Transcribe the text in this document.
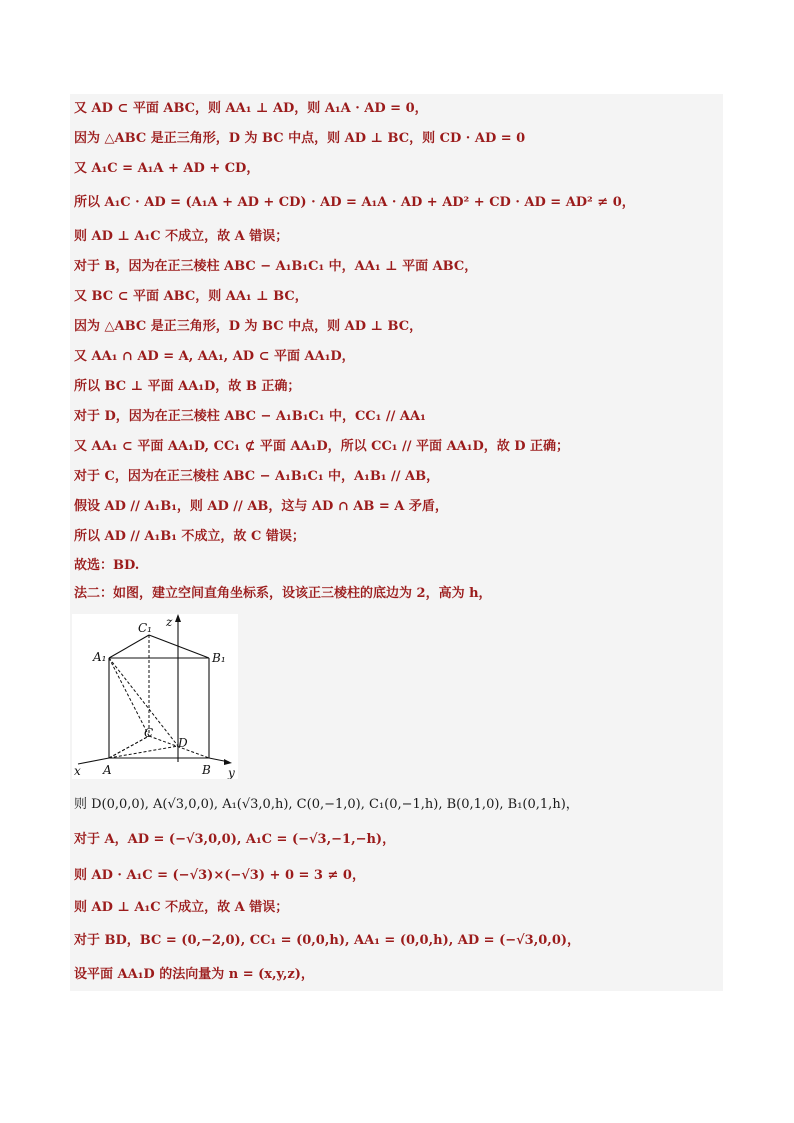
又 AD ⊂ 平面 ABC，则 AA₁ ⊥ AD，则 A₁A · AD = 0，
因为 △ABC 是正三角形，D 为 BC 中点，则 AD ⊥ BC，则 CD · AD = 0
又 A₁C = A₁A + AD + CD，
所以 A₁C · AD = (A₁A + AD + CD) · AD = A₁A · AD + AD² + CD · AD = AD² ≠ 0，
则 AD ⊥ A₁C 不成立，故 A 错误；
对于 B，因为在正三棱柱 ABC − A₁B₁C₁ 中，AA₁ ⊥ 平面 ABC，
又 BC ⊂ 平面 ABC，则 AA₁ ⊥ BC，
因为 △ABC 是正三角形，D 为 BC 中点，则 AD ⊥ BC，
又 AA₁ ∩ AD = A, AA₁, AD ⊂ 平面 AA₁D，
所以 BC ⊥ 平面 AA₁D，故 B 正确；
对于 D，因为在正三棱柱 ABC − A₁B₁C₁ 中，CC₁ // AA₁
又 AA₁ ⊂ 平面 AA₁D, CC₁ ⊄ 平面 AA₁D，所以 CC₁ // 平面 AA₁D，故 D 正确；
对于 C，因为在正三棱柱 ABC − A₁B₁C₁ 中，A₁B₁ // AB，
假设 AD // A₁B₁，则 AD // AB，这与 AD ∩ AB = A 矛盾，
所以 AD // A₁B₁ 不成立，故 C 错误；
故选：BD.
法二：如图，建立空间直角坐标系，设该正三棱柱的底边为 2，高为 h，
A₁	B₁
C₁
A	B
C
D
x	y
z
则 D(0,0,0), A(√3,0,0), A₁(√3,0,h), C(0,−1,0), C₁(0,−1,h), B(0,1,0), B₁(0,1,h)，
对于 A，AD = (−√3,0,0), A₁C = (−√3,−1,−h)，
则 AD · A₁C = (−√3)×(−√3) + 0 = 3 ≠ 0，
则 AD ⊥ A₁C 不成立，故 A 错误；
对于 BD，BC = (0,−2,0), CC₁ = (0,0,h), AA₁ = (0,0,h), AD = (−√3,0,0)，
设平面 AA₁D 的法向量为 n = (x,y,z)，
